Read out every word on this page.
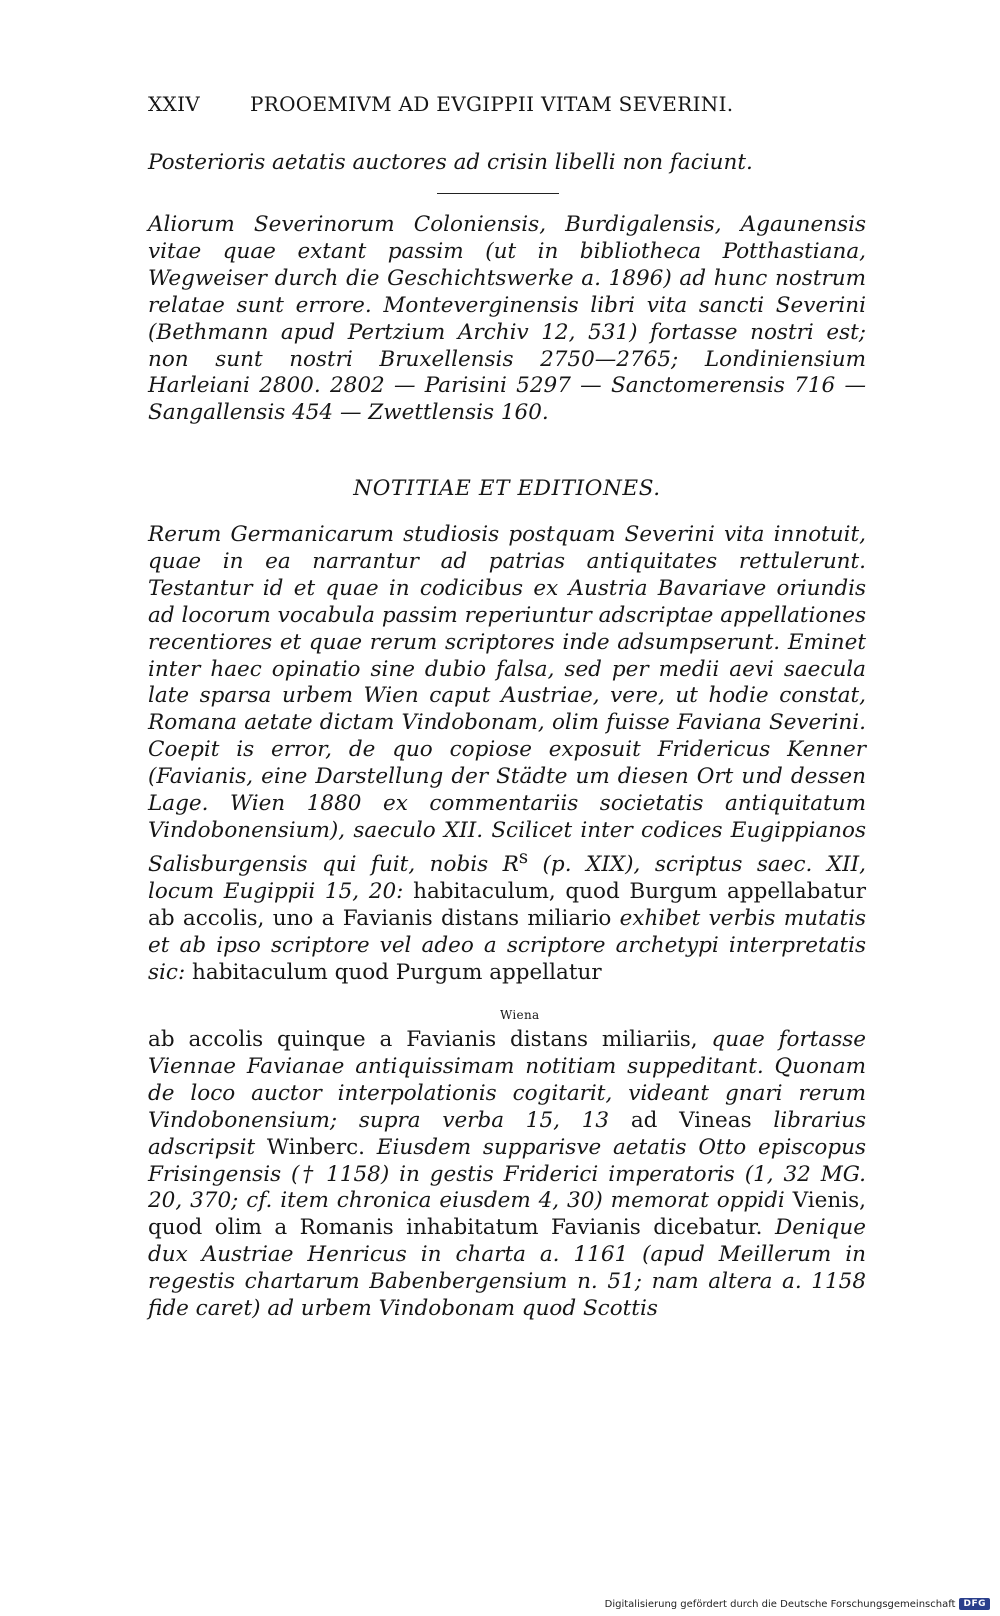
XXIV PROOEMIVM AD EVGIPPII VITAM SEVERINI.
Posterioris aetatis auctores ad crisin libelli non faciunt.
Aliorum Severinorum Coloniensis, Burdigalensis, Agaunensis vitae quae extant passim (ut in bibliotheca Potthastiana, Wegweiser durch die Geschichtswerke a. 1896) ad hunc nostrum relatae sunt errore. Monteverginensis libri vita sancti Severini (Bethmann apud Pertzium Archiv 12, 531) fortasse nostri est; non sunt nostri Bruxellensis 2750—2765; Londiniensium Harleiani 2800. 2802 — Parisini 5297 — Sanctomerensis 716 — Sangallensis 454 — Zwettlensis 160.
NOTITIAE ET EDITIONES.
Rerum Germanicarum studiosis postquam Severini vita innotuit, quae in ea narrantur ad patrias antiquitates rettulerunt. Testantur id et quae in codicibus ex Austria Bavariave oriundis ad locorum vocabula passim reperiuntur adscriptae appellationes recentiores et quae rerum scriptores inde adsumpserunt. Eminet inter haec opinatio sine dubio falsa, sed per medii aevi saecula late sparsa urbem Wien caput Austriae, vere, ut hodie constat, Romana aetate dictam Vindobonam, olim fuisse Faviana Severini. Coepit is error, de quo copiose exposuit Fridericus Kenner (Favianis, eine Darstellung der Städte um diesen Ort und dessen Lage. Wien 1880 ex commentariis societatis antiquitatum Vindobonensium), saeculo XII. Scilicet inter codices Eugippianos Salisburgensis qui fuit, nobis $R^s$ (p. XIX), scriptus saec. XII, locum Eugippii 15, 20: habitaculum, quod Burgum appellabatur ab accolis, uno a Favianis distans miliario exhibet verbis mutatis et ab ipso scriptore vel adeo a scriptore archetypi interpretatis sic: habitaculum quod Purgum appellatur
Wiena
ab accolis quinque a Favianis distans miliariis, quae fortasse Viennae Favianae antiquissimam notitiam suppeditant. Quonam de loco auctor interpolationis cogitarit, videant gnari rerum Vindobonensium; supra verba 15, 13 ad Vineas librarius adscripsit Winberc. Eiusdem supparisve aetatis Otto episcopus Frisingensis († 1158) in gestis Friderici imperatoris (1, 32 MG. 20, 370; cf. item chronica eiusdem 4, 30) memorat oppidi Vienis, quod olim a Romanis inhabitatum Favianis dicebatur. Denique dux Austriae Henricus in charta a. 1161 (apud Meillerum in regestis chartarum Babenbergensium n. 51; nam altera a. 1158 fide caret) ad urbem Vindobonam quod Scottis
Digitalisierung gefördert durch die Deutsche Forschungsgemeinschaft DFG
